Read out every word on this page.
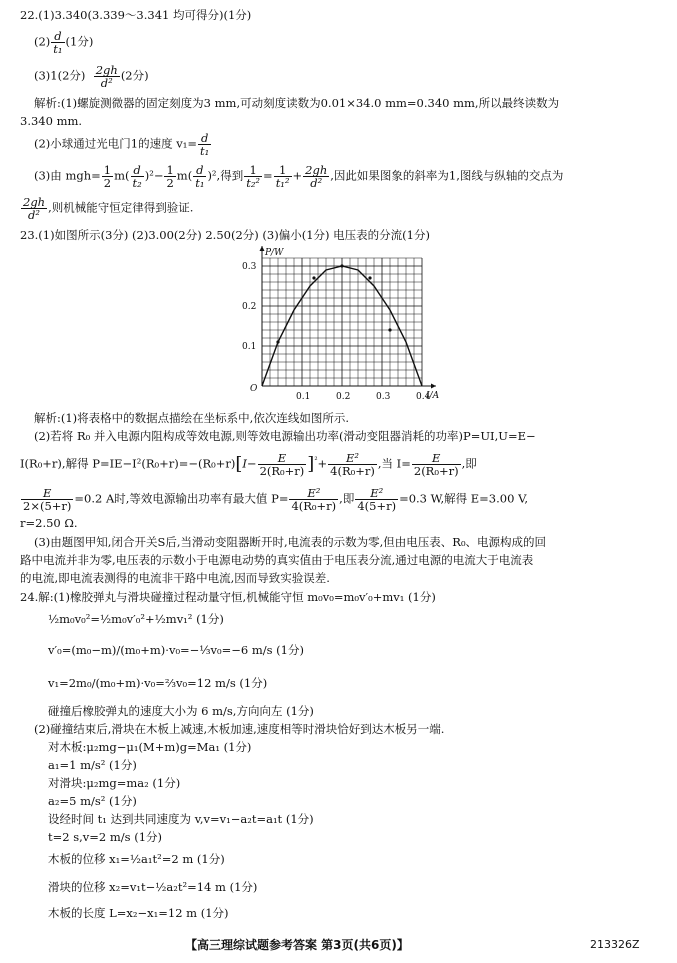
22.(1)3.340(3.339～3.341 均可得分)(1分)
$(2) \frac{d}{\text{t₁}} (1$分)
(3)1(2分) $\frac{2gh}{\text{d²}} (2$分)
解析:(1)螺旋测微器的固定刻度为3 mm,可动刻度读数为0.01×34.0 mm=0.340 mm,所以最终读数为
3.340 mm.
(2)小球通过光电门1的速度 $v_1= \frac{d}{\text{t₁}}$
(3)由 $mgh= \frac{1}{2} m( \frac{d}{\text{t₂}} )^2- \frac{1}{2} m( \frac{d}{\text{t₁}} )^2$,得到 $\frac{1}{\text{t₂²}} = \frac{1}{\text{t₁²}} + \frac{2gh}{\text{d²}}$ ,因此如果图象的斜率为1,图线与纵轴的交点为
$\frac{2gh}{\text{d²}}$ ,则机械能守恒定律得到验证.
23.(1)如图所示(3分) (2)3.00(2分) 2.50(2分) (3)偏小(1分) 电压表的分流(1分)
P/W
I/A
O
0.1	0.2	0.3	0.4
0.1
0.2
0.3
解析:(1)将表格中的数据点描绘在坐标系中,依次连线如图所示.
(2)若将 R₀ 并入电源内阻构成等效电源,则等效电源输出功率(滑动变阻器消耗的功率)P=UI,U=E−
I(R₀+r),解得 $P=IE-I^2(R_0+r)=-(R_0+r)[I- \frac{E}{\text{2(R₀+r)}} ]^{^2}+ \frac{\text{E²}}{\text{4(R₀+r)}}$ ,当 $I= \frac{E}{\text{2(R₀+r)}}$ ,即
$\frac{E}{2\times(5+r)} =0.2$ A时,等效电源输出功率有最大值 $P= \frac{\text{E²}}{\text{4(R₀+r)}}$ ,即 $\frac{\text{E²}}{4(5+r)} =0.3$ W,解得 E=3.00 V,
r=2.50 Ω.
(3)由题图甲知,闭合开关S后,当滑动变阻器断开时,电流表的示数为零,但由电压表、R₀、电源构成的回
路中电流并非为零,电压表的示数小于电源电动势的真实值由于电压表分流,通过电源的电流大于电流表
的电流,即电流表测得的电流非干路中电流,因而导致实验误差.
24.解:(1)橡胶弹丸与滑块碰撞过程动量守恒,机械能守恒 m₀v₀=m₀v′₀+mv₁ (1分)
½m₀v₀²=½m₀v′₀²+½mv₁² (1分)
v′₀=(m₀−m)/(m₀+m)·v₀=−⅓v₀=−6 m/s (1分)
v₁=2m₀/(m₀+m)·v₀=⅔v₀=12 m/s (1分)
碰撞后橡胶弹丸的速度大小为 6 m/s,方向向左 (1分)
(2)碰撞结束后,滑块在木板上减速,木板加速,速度相等时滑块恰好到达木板另一端.
对木板:μ₂mg−μ₁(M+m)g=Ma₁ (1分)
a₁=1 m/s² (1分)
对滑块:μ₂mg=ma₂ (1分)
a₂=5 m/s² (1分)
设经时间 t₁ 达到共同速度为 v,v=v₁−a₂t=a₁t (1分)
t=2 s,v=2 m/s (1分)
木板的位移 x₁=½a₁t²=2 m (1分)
滑块的位移 x₂=v₁t−½a₂t²=14 m (1分)
木板的长度 L=x₂−x₁=12 m (1分)
【高三理综试题参考答案 第3页(共6页)】	213326Z
